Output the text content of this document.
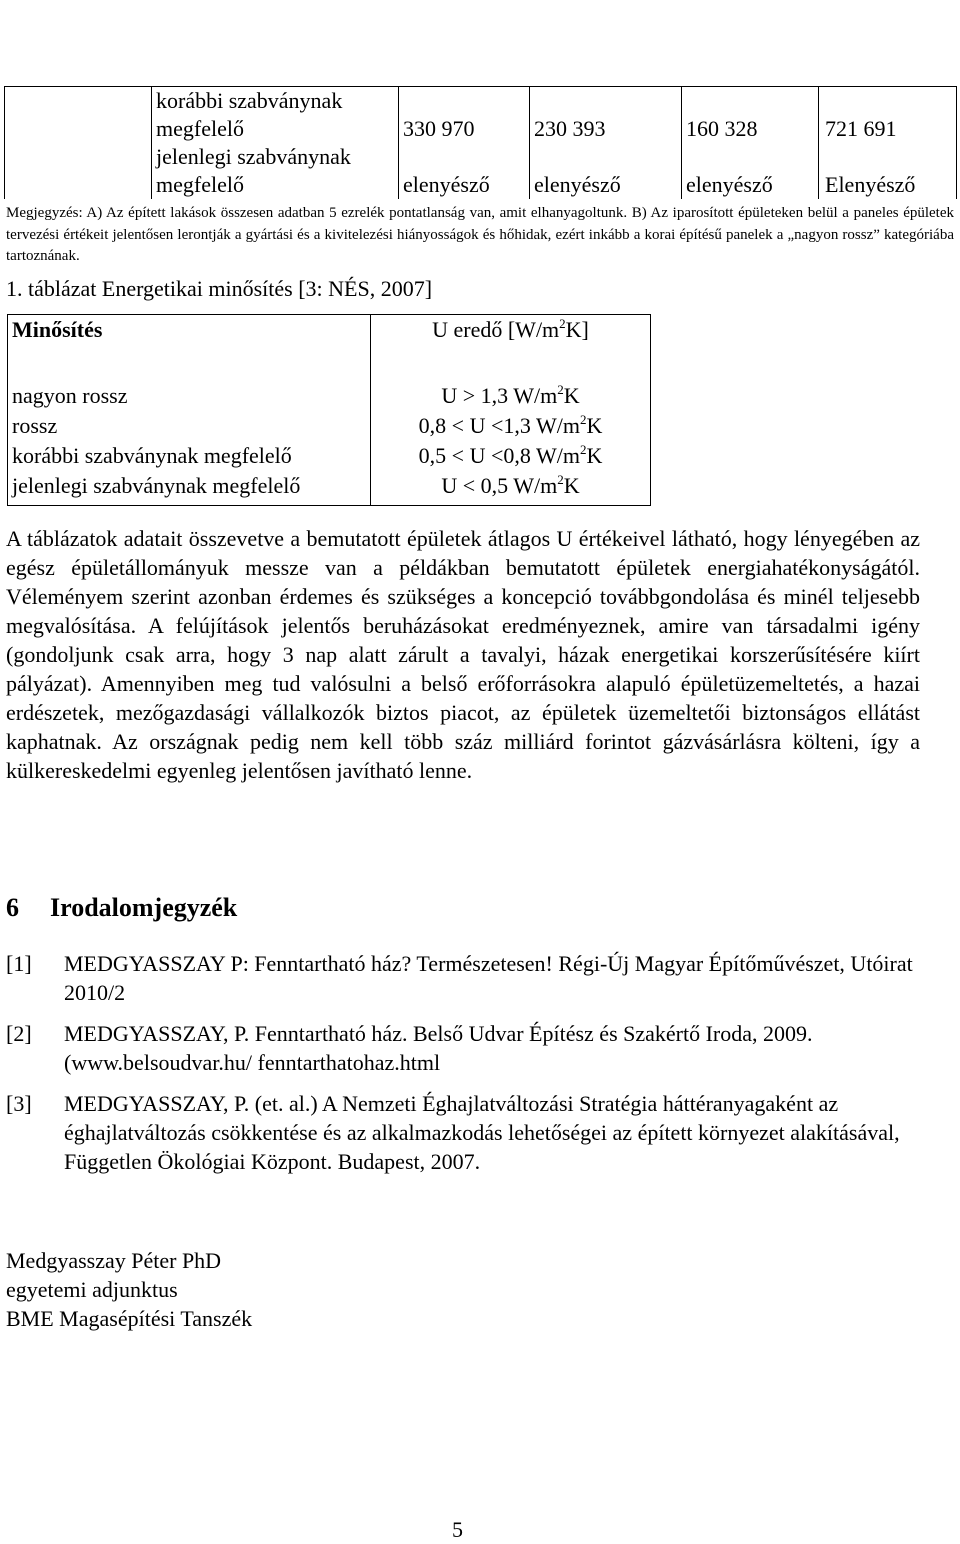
	korábbi szabványnak
megfelelő	330 970	230 393	160 328	721 691

	jelenlegi szabványnak
megfelelő	elenyésző	elenyésző	elenyésző	Elenyésző

Megjegyzés: A) Az épített lakások összesen adatban 5 ezrelék pontatlanság van, amit elhanyagoltunk. B) Az iparosított épületeken belül a paneles épületek tervezési értékeit jelentősen lerontják a gyártási és a kivitelezési hiányosságok és hőhidak, ezért inkább a korai építésű panelek a „nagyon rossz” kategóriába tartoznának.

1. táblázat Energetikai minősítés [3: NÉS, 2007]

Minősítés	U eredő $[W/m^2K]$
nagyon rossz	U > 1,3 $W/m^2K$
rossz	0,8 < U <1,3 $W/m^2K$
korábbi szabványnak megfelelő	0,5 < U <0,8 $W/m^2K$
jelenlegi szabványnak megfelelő	U < 0,5 $W/m^2K$

A táblázatok adatait összevetve a bemutatott épületek átlagos U értékeivel látható, hogy lényegében az egész épületállományuk messze van a példákban bemutatott épületek energiahatékonyságától. Véleményem szerint azonban érdemes és szükséges a koncepció továbbgondolása és minél teljesebb megvalósítása. A felújítások jelentős beruházásokat eredményeznek, amire van társadalmi igény (gondoljunk csak arra, hogy 3 nap alatt zárult a tavalyi, házak energetikai korszerűsítésére kiírt pályázat). Amennyiben meg tud valósulni a belső erőforrásokra alapuló épületüzemeltetés, a hazai erdészetek, mezőgazdasági vállalkozók biztos piacot, az épületek üzemeltetői biztonságos ellátást kaphatnak. Az országnak pedig nem kell több száz milliárd forintot gázvásárlásra költeni, így a külkereskedelmi egyenleg jelentősen javítható lenne.

6 Irodalomjegyzék
[1] MEDGYASSZAY P: Fenntartható ház? Természetesen! Régi-Új Magyar Építőművészet, Utóirat 2010/2
[2] MEDGYASSZAY, P. Fenntartható ház. Belső Udvar Építész és Szakértő Iroda, 2009. (www.belsoudvar.hu/ fenntarthatohaz.html
[3] MEDGYASSZAY, P. (et. al.) A Nemzeti Éghajlatváltozási Stratégia háttéranyagaként az éghajlatváltozás csökkentése és az alkalmazkodás lehetőségei az épített környezet alakításával, Független Ökológiai Központ. Budapest, 2007.

Medgyasszay Péter PhD

egyetemi adjunktus

BME Magasépítési Tanszék

5
